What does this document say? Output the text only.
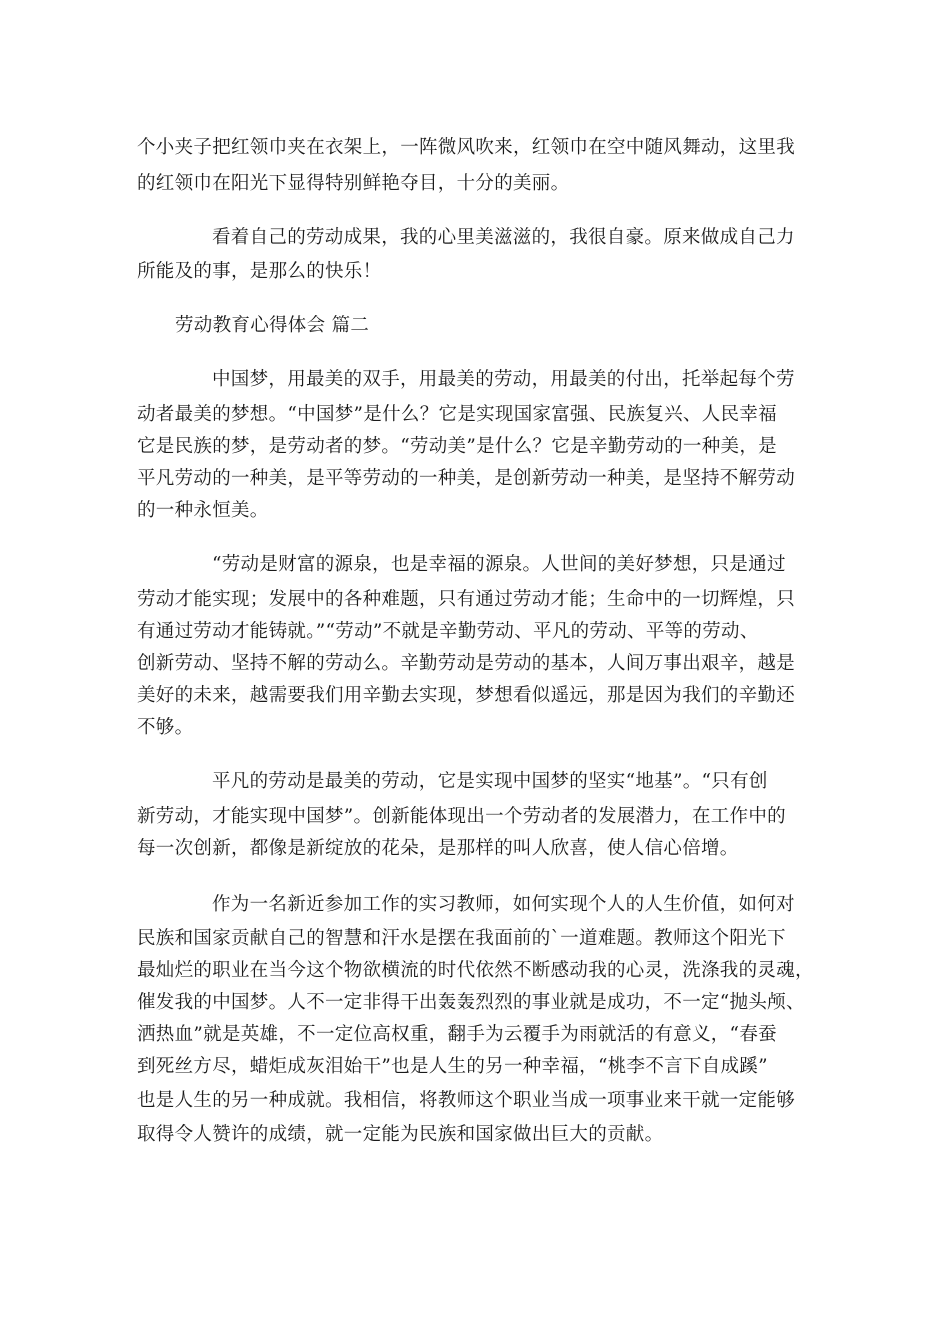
个小夹子把红领巾夹在衣架上，一阵微风吹来，红领巾在空中随风舞动，这里我
的红领巾在阳光下显得特别鲜艳夺目，十分的美丽。
看着自己的劳动成果，我的心里美滋滋的，我很自豪。原来做成自己力
所能及的事，是那么的快乐！
劳动教育心得体会 篇二
中国梦，用最美的双手，用最美的劳动，用最美的付出，托举起每个劳
动者最美的梦想。“中国梦”是什么？它是实现国家富强、民族复兴、人民幸福
它是民族的梦，是劳动者的梦。“劳动美”是什么？它是辛勤劳动的一种美，是
平凡劳动的一种美，是平等劳动的一种美，是创新劳动一种美，是坚持不解劳动
的一种永恒美。
“劳动是财富的源泉，也是幸福的源泉。人世间的美好梦想，只是通过
劳动才能实现；发展中的各种难题，只有通过劳动才能；生命中的一切辉煌，只
有通过劳动才能铸就。”“劳动”不就是辛勤劳动、平凡的劳动、平等的劳动、
创新劳动、坚持不解的劳动么。辛勤劳动是劳动的基本，人间万事出艰辛，越是
美好的未来，越需要我们用辛勤去实现，梦想看似遥远，那是因为我们的辛勤还
不够。
平凡的劳动是最美的劳动，它是实现中国梦的坚实“地基”。“只有创
新劳动，才能实现中国梦”。创新能体现出一个劳动者的发展潜力，在工作中的
每一次创新，都像是新绽放的花朵，是那样的叫人欣喜，使人信心倍增。
作为一名新近参加工作的实习教师，如何实现个人的人生价值，如何对
民族和国家贡献自己的智慧和汗水是摆在我面前的`一道难题。教师这个阳光下
最灿烂的职业在当今这个物欲横流的时代依然不断感动我的心灵，洗涤我的灵魂，
催发我的中国梦。人不一定非得干出轰轰烈烈的事业就是成功，不一定“抛头颅、
洒热血”就是英雄，不一定位高权重，翻手为云覆手为雨就活的有意义，“春蚕
到死丝方尽，蜡炬成灰泪始干”也是人生的另一种幸福，“桃李不言下自成蹊”
也是人生的另一种成就。我相信，将教师这个职业当成一项事业来干就一定能够
取得令人赞许的成绩，就一定能为民族和国家做出巨大的贡献。
